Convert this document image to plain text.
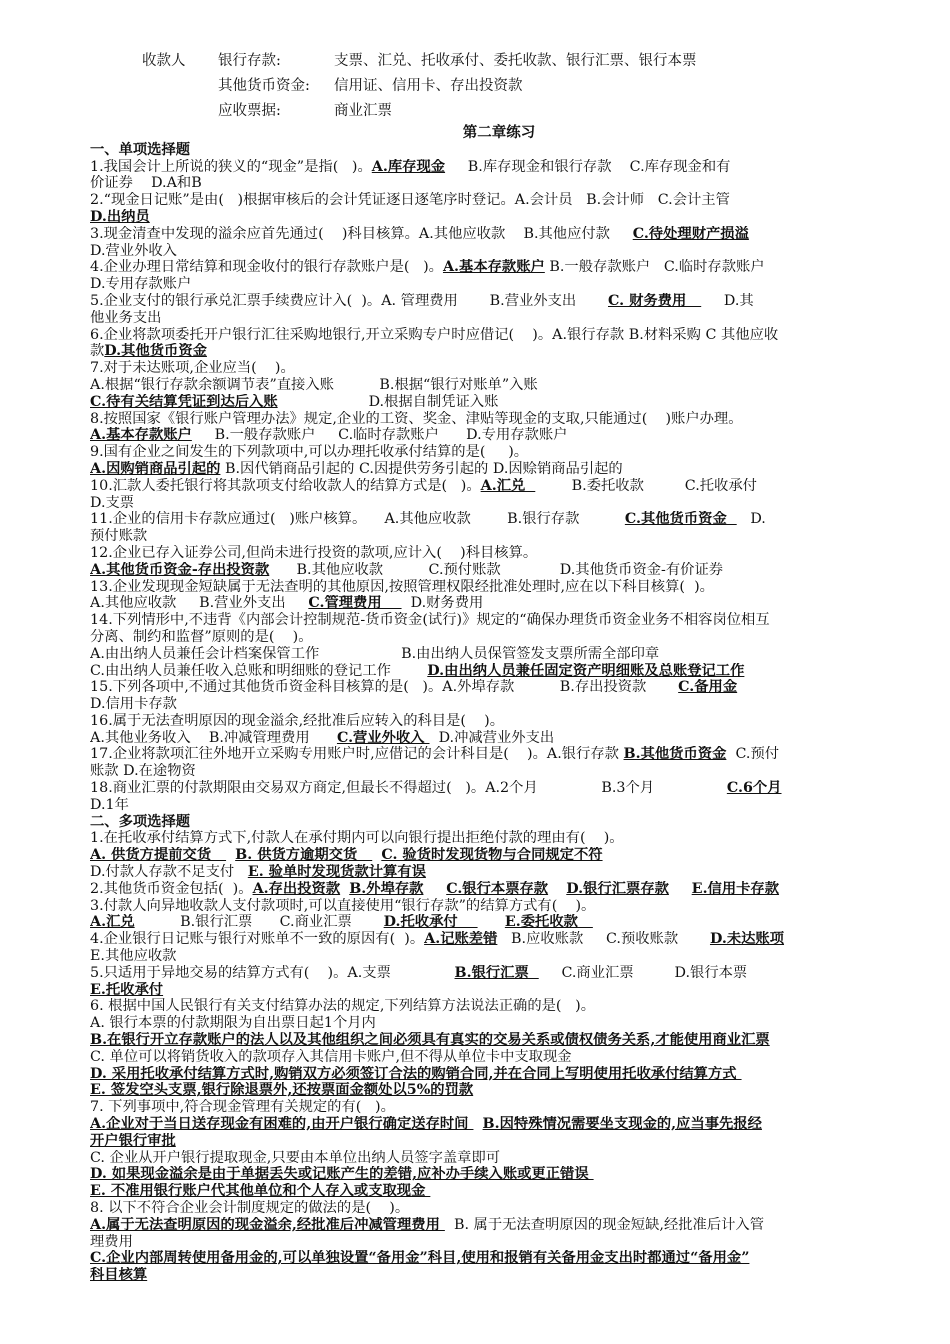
收款人 银行存款:	支票、汇兑、托收承付、委托收款、银行汇票、银行本票
其他货币资金: 信用证、信用卡、存出投资款
应收票据:	商业汇票
第二章练习
一、单项选择题
1.我国会计上所说的狭义的“现金”是指(   )。A.库存现金     B.库存现金和银行存款    C.库存现金和有
价证券    D.A和B
2.“现金日记账”是由(   )根据审核后的会计凭证逐日逐笔序时登记。A.会计员   B.会计师   C.会计主管
D.出纳员
3.现金清查中发现的溢余应首先通过(    )科目核算。A.其他应收款    B.其他应付款     C.待处理财产损溢
D.营业外收入
4.企业办理日常结算和现金收付的银行存款账户是(   )。A.基本存款账户 B.一般存款账户   C.临时存款账户
D.专用存款账户
5.企业支付的银行承兑汇票手续费应计入(  )。A. 管理费用       B.营业外支出       C. 财务费用        D.其
他业务支出
6.企业将款项委托开户银行汇往采购地银行,开立采购专户时应借记(    )。A.银行存款 B.材料采购 C 其他应收
款D.其他货币资金
7.对于未达账项,企业应当(    )。
A.根据“银行存款余额调节表”直接入账          B.根据“银行对账单”入账
C.待有关结算凭证到达后入账                    D.根据自制凭证入账
8.按照国家《银行账户管理办法》规定,企业的工资、奖金、津贴等现金的支取,只能通过(    )账户办理。
A.基本存款账户     B.一般存款账户     C.临时存款账户      D.专用存款账户
9.国有企业之间发生的下列款项中,可以办理托收承付结算的是(     )。
A.因购销商品引起的 B.因代销商品引起的 C.因提供劳务引起的 D.因赊销商品引起的
10.汇款人委托银行将其款项支付给收款人的结算方式是(   )。A.汇兑          B.委托收款         C.托收承付
D.支票
11.企业的信用卡存款应通过(   )账户核算。    A.其他应收款        B.银行存款          C.其他货币资金     D.
预付账款
12.企业已存入证券公司,但尚未进行投资的款项,应计入(    )科目核算。
A.其他货币资金-存出投资款      B.其他应收款          C.预付账款             D.其他货币资金-有价证券
13.企业发现现金短缺属于无法查明的其他原因,按照管理权限经批准处理时,应在以下科目核算(  )。
A.其他应收款     B.营业外支出     C.管理费用      D.财务费用
14.下列情形中,不违背《内部会计控制规范-货币资金(试行)》规定的“确保办理货币资金业务不相容岗位相互
分离、制约和监督”原则的是(    )。
A.由出纳人员兼任会计档案保管工作                  B.由出纳人员保管签发支票所需全部印章
C.由出纳人员兼任收入总账和明细账的登记工作        D.由出纳人员兼任固定资产明细账及总账登记工作
15.下列各项中,不通过其他货币资金科目核算的是(   )。A.外埠存款          B.存出投资款       C.备用金
D.信用卡存款
16.属于无法查明原因的现金溢余,经批准后应转入的科目是(    )。
A.其他业务收入    B.冲减管理费用      C.营业外收入   D.冲减营业外支出
17.企业将款项汇往外地开立采购专用账户时,应借记的会计科目是(    )。A.银行存款 B.其他货币资金  C.预付
账款 D.在途物资
18.商业汇票的付款期限由交易双方商定,但最长不得超过(   )。A.2个月              B.3个月                C.6个月
D.1年
二、多项选择题
1.在托收承付结算方式下,付款人在承付期内可以向银行提出拒绝付款的理由有(    )。
A. 供货方提前交货     B. 供货方逾期交货     C. 验货时发现货物与合同规定不符
D.付款人存款不足支付   E. 验单时发现货款计算有误
2.其他货币资金包括(  )。A.存出投资款 B.外埠存款 C.银行本票存款 D.银行汇票存款 E.信用卡存款
3.付款人向异地收款人支付款项时,可以直接使用“银行存款”的结算方式有(    )。
A.汇兑          B.银行汇票      C.商业汇票       D.托收承付          E.委托收款
4.企业银行日记账与银行对账单不一致的原因有(  )。A.记账差错   B.应收账款     C.预收账款       D.未达账项
E.其他应收款
5.只适用于异地交易的结算方式有(    )。A.支票              B.银行汇票       C.商业汇票         D.银行本票
E.托收承付
6. 根据中国人民银行有关支付结算办法的规定,下列结算方法说法正确的是(   )。
A. 银行本票的付款期限为自出票日起1个月内
B.在银行开立存款账户的法人以及其他组织之间必须具有真实的交易关系或债权债务关系,才能使用商业汇票
C. 单位可以将销货收入的款项存入其信用卡账户,但不得从单位卡中支取现金
D. 采用托收承付结算方式时,购销双方必须签订合法的购销合同,并在合同上写明使用托收承付结算方式
E. 签发空头支票,银行除退票外,还按票面金额处以5%的罚款
7. 下列事项中,符合现金管理有关规定的有(   )。
A.企业对于当日送存现金有困难的,由开户银行确定送存时间   B.因特殊情况需要坐支现金的,应当事先报经
开户银行审批
C. 企业从开户银行提取现金,只要由本单位出纳人员签字盖章即可
D. 如果现金溢余是由于单据丢失或记账产生的差错,应补办手续入账或更正错误
E. 不准用银行账户代其他单位和个人存入或支取现金
8. 以下不符合企业会计制度规定的做法的是(    )。
A.属于无法查明原因的现金溢余,经批准后冲减管理费用   B. 属于无法查明原因的现金短缺,经批准后计入管
理费用
C.企业内部周转使用备用金的,可以单独设置“备用金”科目,使用和报销有关备用金支出时都通过“备用金”
科目核算
